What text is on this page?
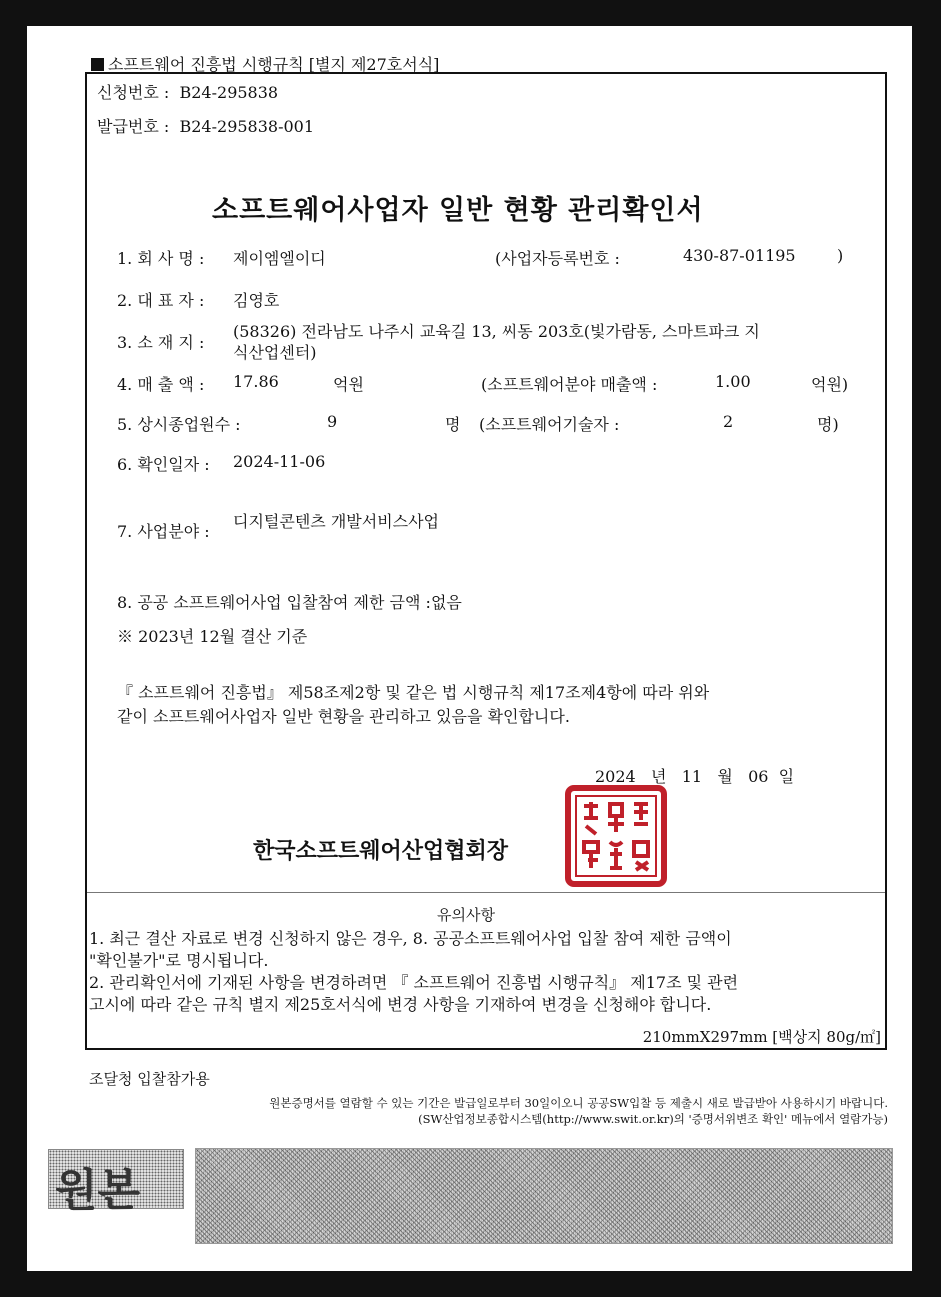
소프트웨어 진흥법 시행규칙 [별지 제27호서식]
신청번호 : B24-295838
발급번호 : B24-295838-001
소프트웨어사업자 일반 현황 관리확인서
1. 회 사 명 : 제이엠엘이디	(사업자등록번호 :	430-87-01195	)
2. 대 표 자 : 김영호
3. 소 재 지 :
(58326) 전라남도 나주시 교육길 13, 씨동 203호(빛가람동, 스마트파크 지
식산업센터)
4. 매 출 액 : 17.86	억원	(소프트웨어분야 매출액 :	1.00	억원)
5. 상시종업원수 :	9	명 (소프트웨어기술자 :	2	명)
6. 확인일자 : 2024-11-06
7. 사업분야 :
디지털콘텐츠 개발서비스사업
8. 공공 소프트웨어사업 입찰참여 제한 금액 :없음
※ 2023년 12월 결산 기준
『 소프트웨어 진흥법』 제58조제2항 및 같은 법 시행규칙 제17조제4항에 따라 위와
같이 소프트웨어사업자 일반 현황을 관리하고 있음을 확인합니다.
2024 년 11 월 06 일
한국소프트웨어산업협회장
유의사항
1. 최근 결산 자료로 변경 신청하지 않은 경우, 8. 공공소프트웨어사업 입찰 참여 제한 금액이
"확인불가"로 명시됩니다.
2. 관리확인서에 기재된 사항을 변경하려면 『 소프트웨어 진흥법 시행규칙』 제17조 및 관련
고시에 따라 같은 규칙 별지 제25호서식에 변경 사항을 기재하여 변경을 신청해야 합니다.
210mmX297mm [백상지 80g/㎡]
조달청 입찰참가용
원본증명서를 열람할 수 있는 기간은 발급일로부터 30일이오니 공공SW입찰 등 제출시 새로 발급받아 사용하시기 바랍니다.
(SW산업정보종합시스템(http://www.swit.or.kr)의 '증명서위변조 확인' 메뉴에서 열람가능)
원본
